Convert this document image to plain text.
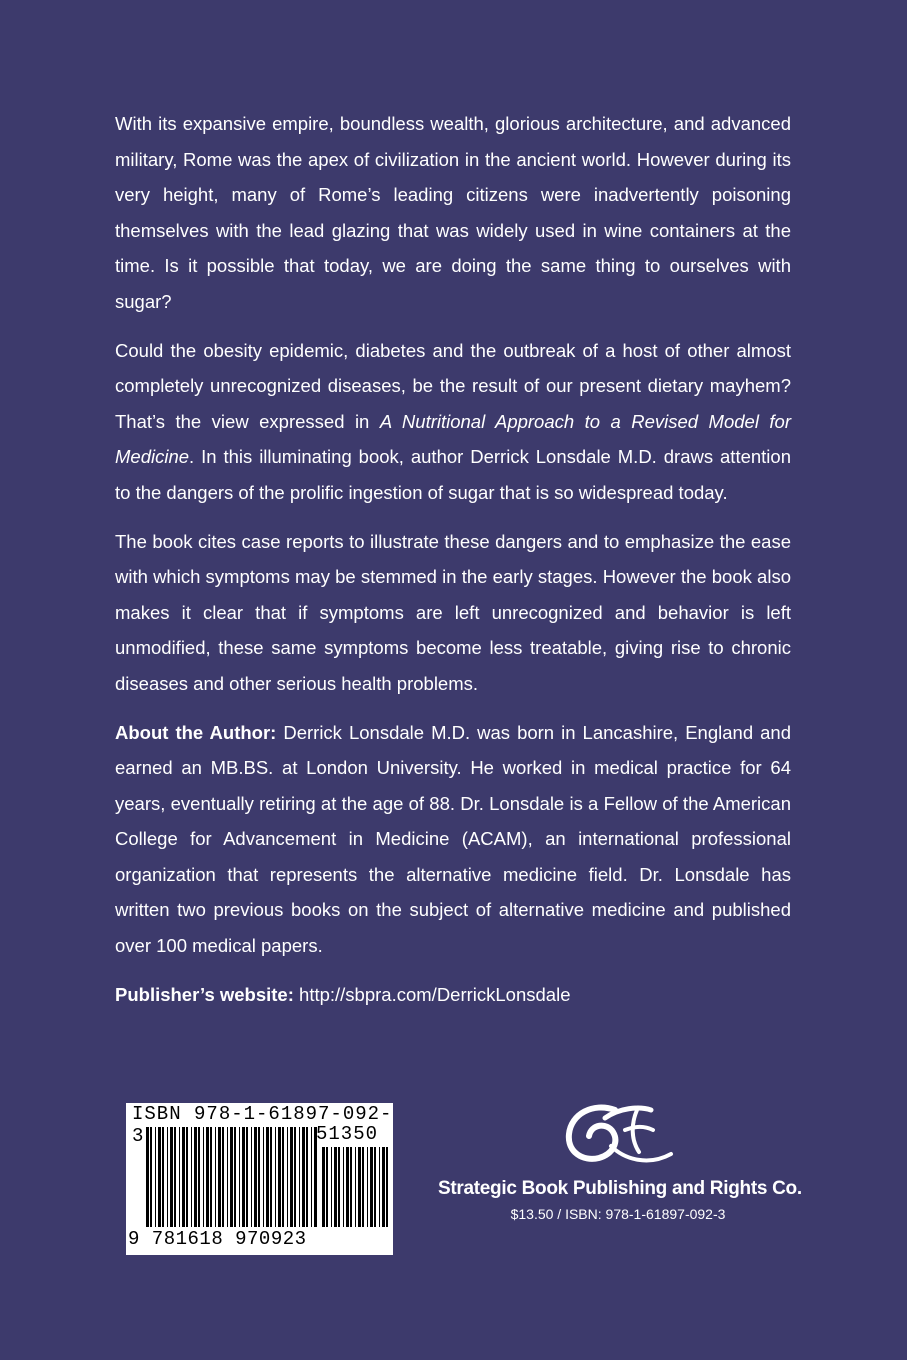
With its expansive empire, boundless wealth, glorious architecture, and advanced military, Rome was the apex of civilization in the ancient world. However during its very height, many of Rome’s leading citizens were inadvertently poisoning themselves with the lead glazing that was widely used in wine containers at the time. Is it possible that today, we are doing the same thing to ourselves with sugar?

Could the obesity epidemic, diabetes and the outbreak of a host of other almost completely unrecognized diseases, be the result of our present dietary mayhem? That’s the view expressed in A Nutritional Approach to a Revised Model for Medicine. In this illuminating book, author Derrick Lonsdale M.D. draws attention to the dangers of the prolific ingestion of sugar that is so widespread today.

The book cites case reports to illustrate these dangers and to emphasize the ease with which symptoms may be stemmed in the early stages. However the book also makes it clear that if symptoms are left unrecognized and behavior is left unmodified, these same symptoms become less treatable, giving rise to chronic diseases and other serious health problems.

About the Author: Derrick Lonsdale M.D. was born in Lancashire, England and earned an MB.BS. at London University. He worked in medical practice for 64 years, eventually retiring at the age of 88. Dr. Lonsdale is a Fellow of the American College for Advancement in Medicine (ACAM), an international professional organization that represents the alternative medicine field. Dr. Lonsdale has written two previous books on the subject of alternative medicine and published over 100 medical papers.

Publisher’s website: http://sbpra.com/DerrickLonsdale

ISBN 978-1-61897-092-3	51350
9 781618 970923
Strategic Book Publishing and Rights Co.
$13.50 / ISBN: 978-1-61897-092-3
